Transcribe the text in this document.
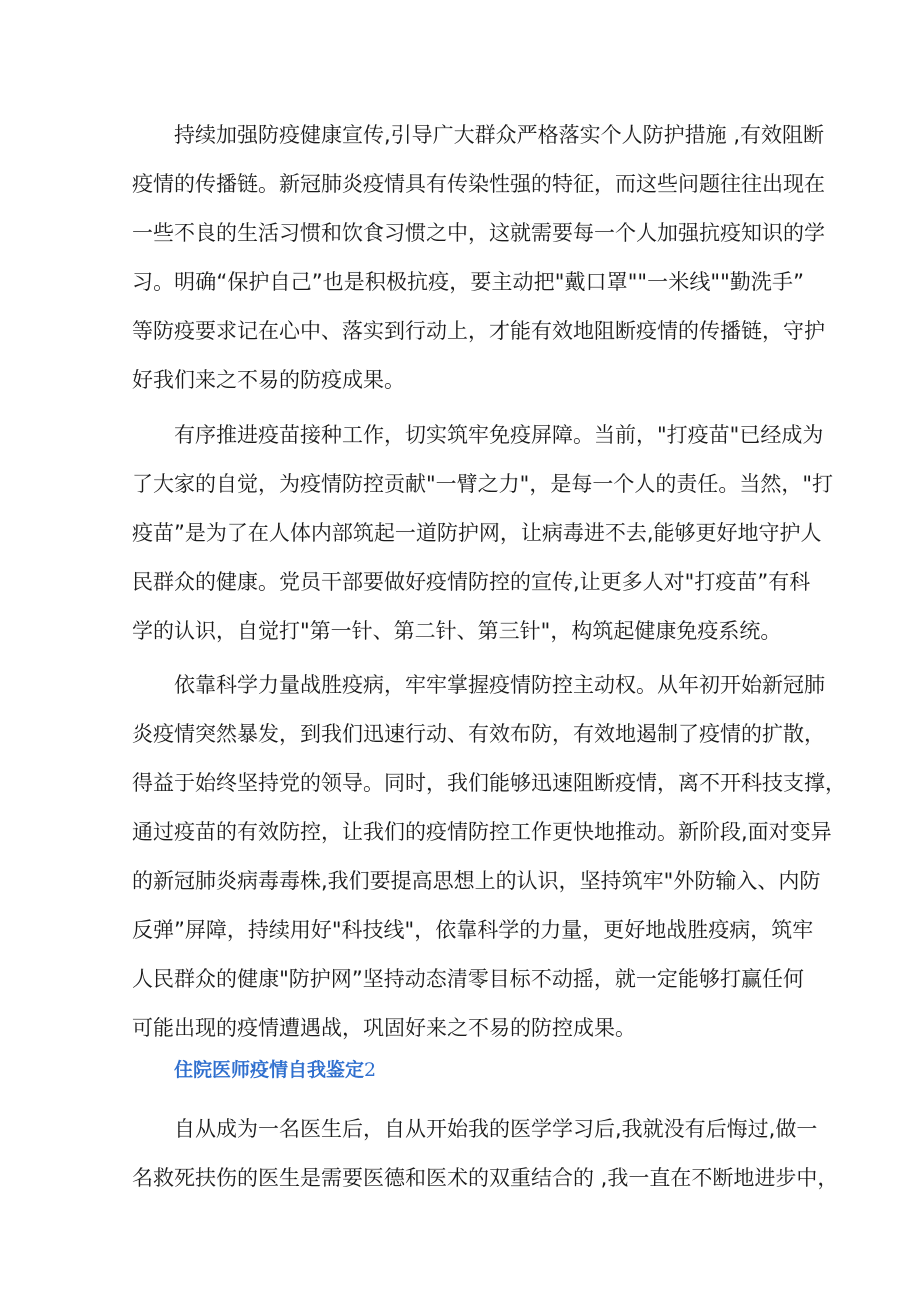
持续加强防疫健康宣传,引导广大群众严格落实个人防护措施 ,有效阻断
疫情的传播链。新冠肺炎疫情具有传染性强的特征，而这些问题往往出现在
一些不良的生活习惯和饮食习惯之中，这就需要每一个人加强抗疫知识的学
习。明确“保护自己”也是积极抗疫，要主动把"戴口罩""一米线""勤洗手”
等防疫要求记在心中、落实到行动上，才能有效地阻断疫情的传播链，守护
好我们来之不易的防疫成果。
有序推进疫苗接种工作，切实筑牢免疫屏障。当前，"打疫苗"已经成为
了大家的自觉，为疫情防控贡献"一臂之力"，是每一个人的责任。当然，"打
疫苗”是为了在人体内部筑起一道防护网，让病毒进不去,能够更好地守护人
民群众的健康。党员干部要做好疫情防控的宣传,让更多人对"打疫苗”有科
学的认识，自觉打"第一针、第二针、第三针"，构筑起健康免疫系统。
依靠科学力量战胜疫病，牢牢掌握疫情防控主动权。从年初开始新冠肺
炎疫情突然暴发，到我们迅速行动、有效布防，有效地遏制了疫情的扩散，
得益于始终坚持党的领导。同时，我们能够迅速阻断疫情，离不开科技支撑，
通过疫苗的有效防控，让我们的疫情防控工作更快地推动。新阶段,面对变异
的新冠肺炎病毒毒株,我们要提高思想上的认识，坚持筑牢"外防输入、内防
反弹”屏障，持续用好"科技线"，依靠科学的力量，更好地战胜疫病，筑牢
人民群众的健康"防护网”坚持动态清零目标不动摇，就一定能够打赢任何
可能出现的疫情遭遇战，巩固好来之不易的防控成果。
住院医师疫情自我鉴定2
自从成为一名医生后，自从开始我的医学学习后,我就没有后悔过,做一
名救死扶伤的医生是需要医德和医术的双重结合的 ,我一直在不断地进步中，
